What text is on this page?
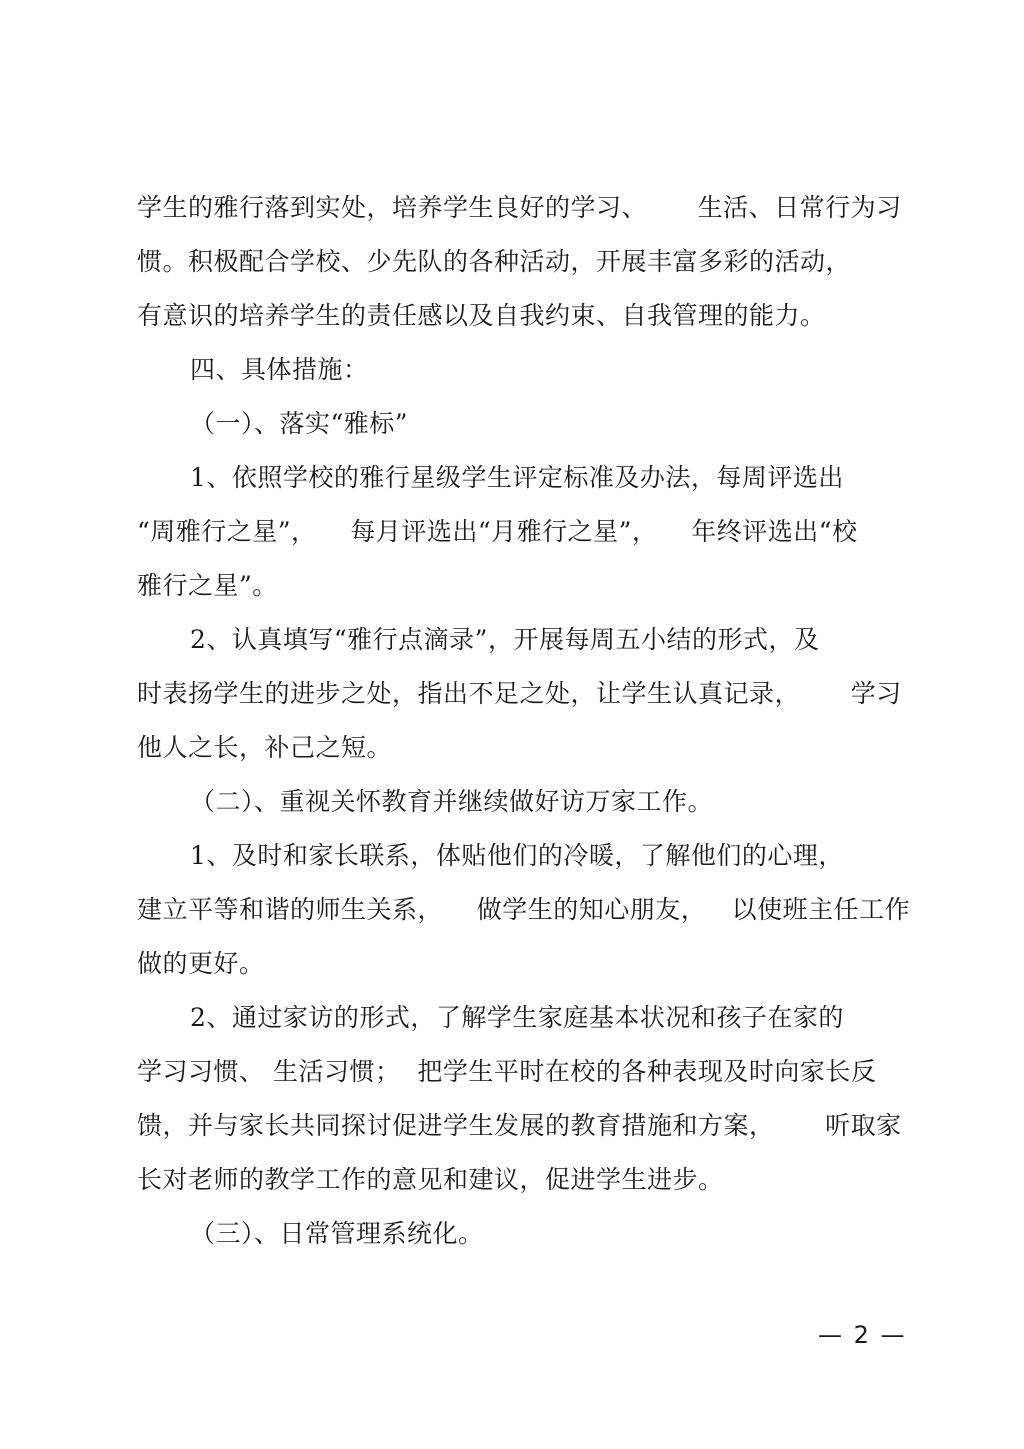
学生的雅行落到实处，培养学生良好的学习、      生活、日常行为习
惯。积极配合学校、少先队的各种活动，开展丰富多彩的活动，
有意识的培养学生的责任感以及自我约束、自我管理的能力。
四、具体措施：
（一）、落实“雅标”
1、依照学校的雅行星级学生评定标准及办法，每周评选出
“周雅行之星”，    每月评选出“月雅行之星”，    年终评选出“校
雅行之星”。
2、认真填写“雅行点滴录”，开展每周五小结的形式，及
时表扬学生的进步之处，指出不足之处，让学生认真记录，      学习
他人之长，补己之短。
（二）、重视关怀教育并继续做好访万家工作。
1、及时和家长联系，体贴他们的冷暖，了解他们的心理，
建立平等和谐的师生关系，    做学生的知心朋友，   以使班主任工作
做的更好。
2、通过家访的形式，了解学生家庭基本状况和孩子在家的
学习习惯、 生活习惯；  把学生平时在校的各种表现及时向家长反
馈，并与家长共同探讨促进学生发展的教育措施和方案，      听取家
长对老师的教学工作的意见和建议，促进学生进步。
（三）、日常管理系统化。
— 2 —
